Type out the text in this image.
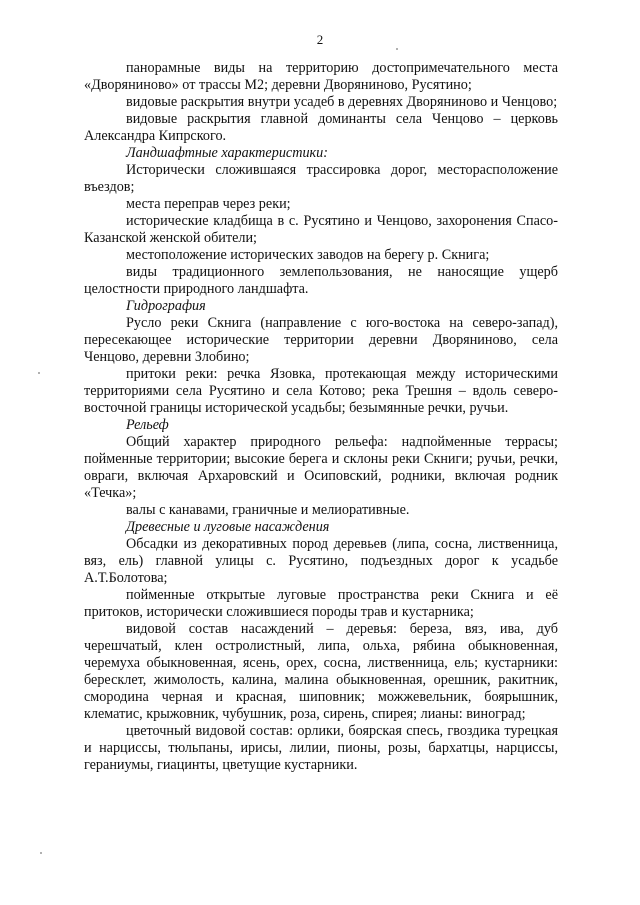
2

панорамные виды на территорию достопримечательного места «Дворяниново» от трассы М2; деревни Дворяниново, Русятино;

видовые раскрытия внутри усадеб в деревнях Дворяниново и Ченцово;

видовые раскрытия главной доминанты села Ченцово – церковь Александра Кипрского.

Ландшафтные характеристики:

Исторически сложившаяся трассировка дорог, месторасположение въездов;

места переправ через реки;

исторические кладбища в с. Русятино и Ченцово, захоронения Спасо-Казанской женской обители;

местоположение исторических заводов на берегу р. Скнига;

виды традиционного землепользования, не наносящие ущерб целостности природного ландшафта.

Гидрография

Русло реки Скнига (направление с юго-востока на северо-запад), пересекающее исторические территории деревни Дворяниново, села Ченцово, деревни Злобино;

притоки реки: речка Язовка, протекающая между историческими территориями села Русятино и села Котово; река Трешня – вдоль северо-восточной границы исторической усадьбы; безымянные речки, ручьи.

Рельеф

Общий характер природного рельефа: надпойменные террасы; пойменные территории; высокие берега и склоны реки Скниги; ручьи, речки, овраги, включая Архаровский и Осиповский, родники, включая родник «Течка»;

валы с канавами, граничные и мелиоративные.

Древесные и луговые насаждения

Обсадки из декоративных пород деревьев (липа, сосна, лиственница, вяз, ель) главной улицы с. Русятино, подъездных дорог к усадьбе А.Т.Болотова;

пойменные открытые луговые пространства реки Скнига и её притоков, исторически сложившиеся породы трав и кустарника;

видовой состав насаждений – деревья: береза, вяз, ива, дуб черешчатый, клен остролистный, липа, ольха, рябина обыкновенная, черемуха обыкновенная, ясень, орех, сосна, лиственница, ель; кустарники: бересклет, жимолость, калина, малина обыкновенная, орешник, ракитник, смородина черная и красная, шиповник; можжевельник, боярышник, клематис, крыжовник, чубушник, роза, сирень, спирея; лианы: виноград;

цветочный видовой состав: орлики, боярская спесь, гвоздика турецкая и нарциссы, тюльпаны, ирисы, лилии, пионы, розы, бархатцы, нарциссы, гераниумы, гиацинты, цветущие кустарники.
